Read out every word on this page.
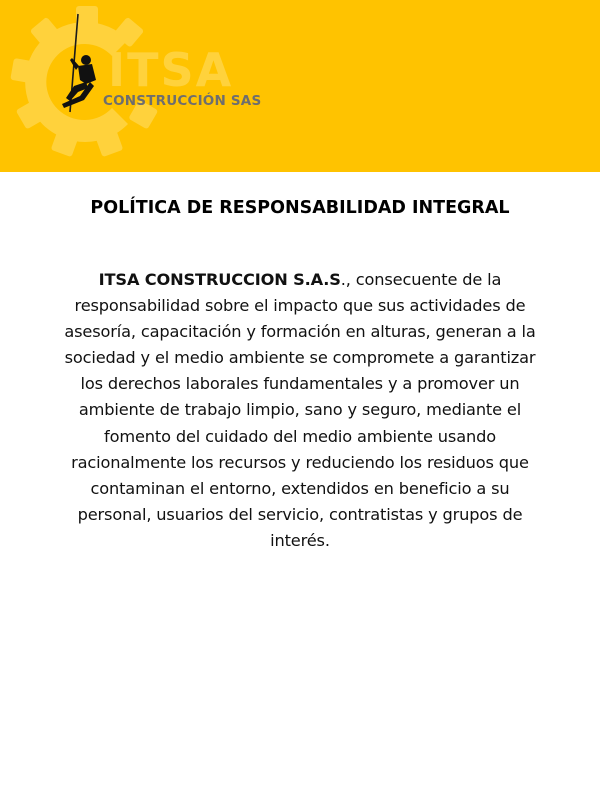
ITSA
CONSTRUCCIÓN SAS
POLÍTICA DE RESPONSABILIDAD INTEGRAL
ITSA CONSTRUCCION S.A.S., consecuente de la responsabilidad sobre el impacto que sus actividades de asesoría, capacitación y formación en alturas, generan a la sociedad y el medio ambiente se compromete a garantizar los derechos laborales fundamentales y a promover un ambiente de trabajo limpio, sano y seguro, mediante el fomento del cuidado del medio ambiente usando racionalmente los recursos y reduciendo los residuos que contaminan el entorno, extendidos en beneficio a su personal, usuarios del servicio, contratistas y grupos de interés.
